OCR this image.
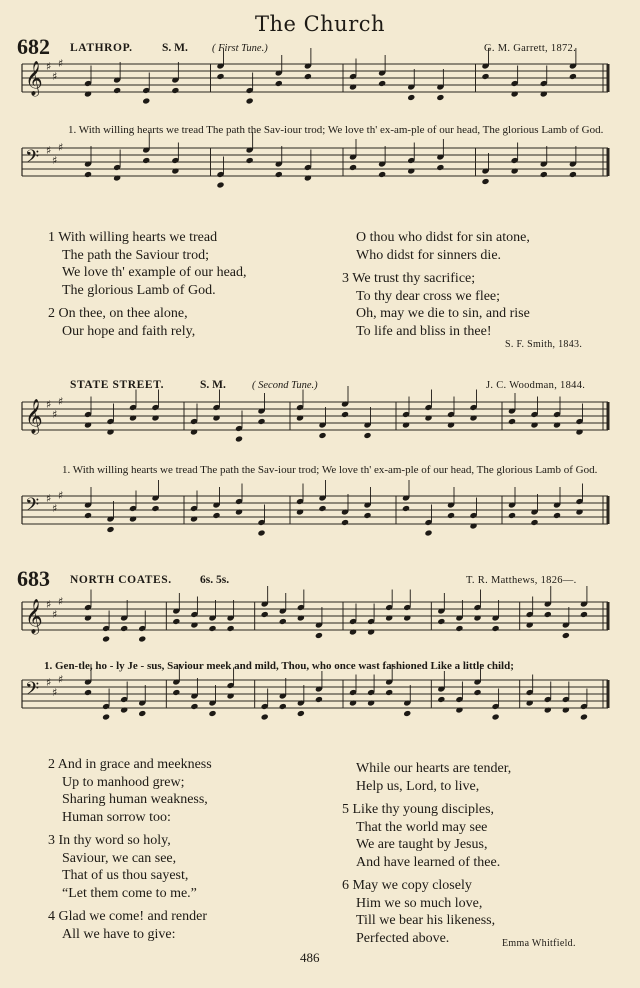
The Church
682 LATHROP.	S. M. ( First Tune.)	G. M. Garrett, 1872.
𝄞 ♯
♯
♯
1. With willing hearts we tread The path the Sav-iour trod; We love th' ex-am-ple of our head, The glorious Lamb of God.
𝄢 ♯
♯
♯
1 With willing hearts we tread
The path the Saviour trod;
We love th' example of our head,
The glorious Lamb of God.
2 On thee, on thee alone,
Our hope and faith rely,
O thou who didst for sin atone,
Who didst for sinners die.
3 We trust thy sacrifice;
To thy dear cross we flee;
Oh, may we die to sin, and rise
To life and bliss in thee!
S. F. Smith, 1843.
STATE STREET.	S. M. ( Second Tune.)	J. C. Woodman, 1844.
𝄞 ♯
♯
♯
1. With willing hearts we tread The path the Sav-iour trod; We love th' ex-am-ple of our head, The glorious Lamb of God.
𝄢 ♯
♯
♯
683 NORTH COATES. 6s. 5s.	T. R. Matthews, 1826—.
𝄞 ♯
♯
♯
1. Gen-tle, ho - ly Je - sus, Saviour meek and mild, Thou, who once wast fashioned Like a little child;
𝄢 ♯
♯
♯
2 And in grace and meekness
Up to manhood grew;
Sharing human weakness,
Human sorrow too:
3 In thy word so holy,
Saviour, we can see,
That of us thou sayest,
“Let them come to me.”
4 Glad we come! and render
All we have to give:
While our hearts are tender,
Help us, Lord, to live,
5 Like thy young disciples,
That the world may see
We are taught by Jesus,
And have learned of thee.
6 May we copy closely
Him we so much love,
Till we bear his likeness,
Perfected above.	Emma Whitfield.
486
